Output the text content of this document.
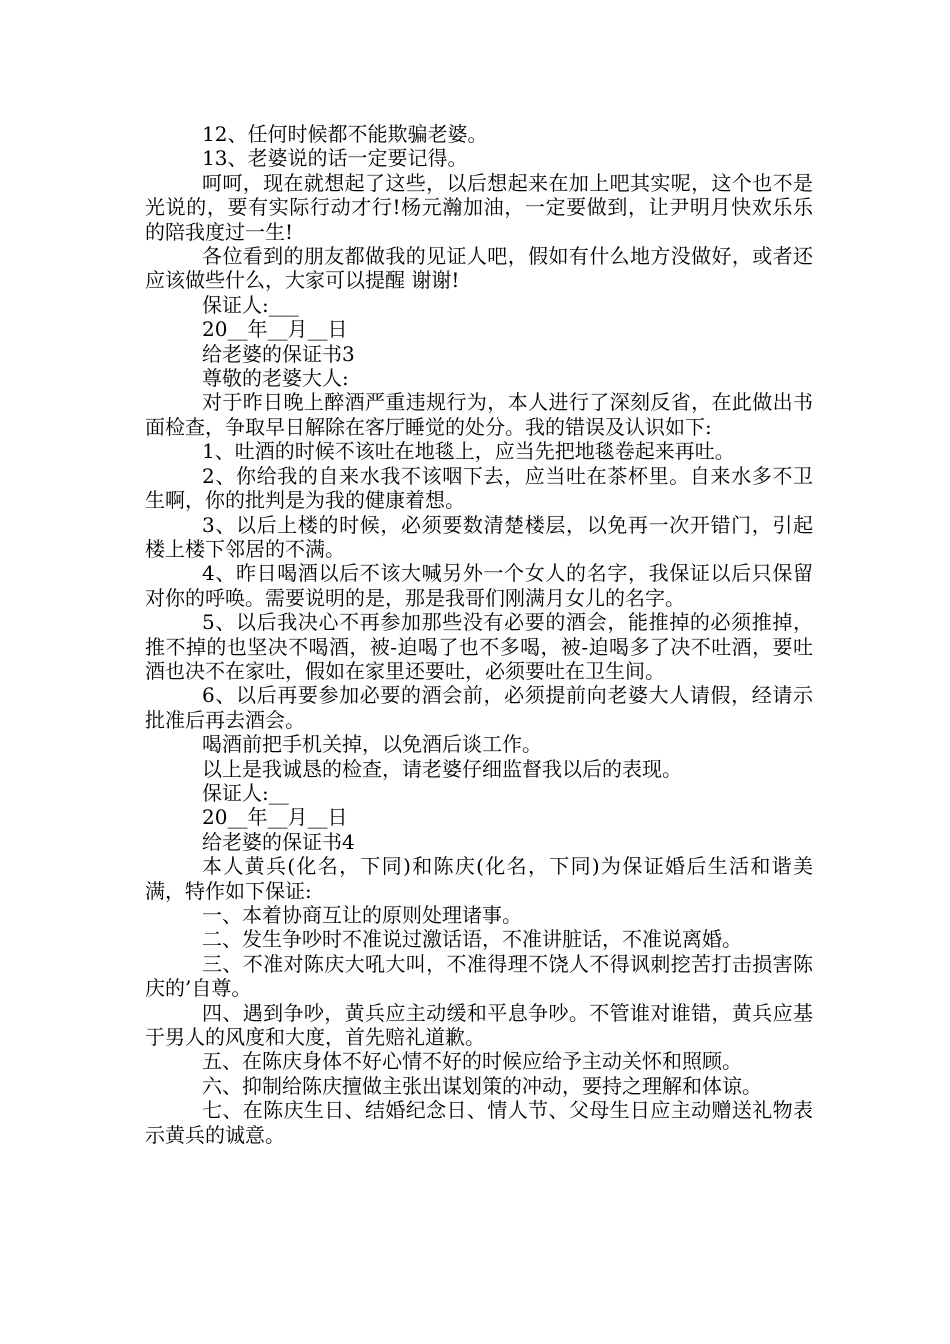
12、任何时候都不能欺骗老婆。

13、老婆说的话一定要记得。

呵呵，现在就想起了这些，以后想起来在加上吧其实呢，这个也不是光说的，要有实际行动才行!杨元瀚加油，一定要做到，让尹明月快欢乐乐的陪我度过一生!

各位看到的朋友都做我的见证人吧，假如有什么地方没做好，或者还应该做些什么，大家可以提醒 谢谢!

保证人:___

20__年__月__日

给老婆的保证书3

尊敬的老婆大人:

对于昨日晚上醉酒严重违规行为，本人进行了深刻反省，在此做出书面检查，争取早日解除在客厅睡觉的处分。我的错误及认识如下:

1、吐酒的时候不该吐在地毯上，应当先把地毯卷起来再吐。

2、你给我的自来水我不该咽下去，应当吐在茶杯里。自来水多不卫生啊，你的批判是为我的健康着想。

3、以后上楼的时候，必须要数清楚楼层，以免再一次开错门，引起楼上楼下邻居的不满。

4、昨日喝酒以后不该大喊另外一个女人的名字，我保证以后只保留对你的呼唤。需要说明的是，那是我哥们刚满月女儿的名字。

5、以后我决心不再参加那些没有必要的酒会，能推掉的必须推掉，推不掉的也坚决不喝酒，被-迫喝了也不多喝，被-迫喝多了决不吐酒，要吐酒也决不在家吐，假如在家里还要吐，必须要吐在卫生间。

6、以后再要参加必要的酒会前，必须提前向老婆大人请假，经请示批准后再去酒会。

喝酒前把手机关掉，以免酒后谈工作。

以上是我诚恳的检查，请老婆仔细监督我以后的表现。

保证人:__

20__年__月__日

给老婆的保证书4

本人黄兵(化名，下同)和陈庆(化名，下同)为保证婚后生活和谐美满，特作如下保证:

一、本着协商互让的原则处理诸事。

二、发生争吵时不准说过激话语，不准讲脏话，不准说离婚。

三、不准对陈庆大吼大叫，不准得理不饶人不得讽刺挖苦打击损害陈庆的’自尊。

四、遇到争吵，黄兵应主动缓和平息争吵。不管谁对谁错，黄兵应基于男人的风度和大度，首先赔礼道歉。

五、在陈庆身体不好心情不好的时候应给予主动关怀和照顾。

六、抑制给陈庆擅做主张出谋划策的冲动，要持之理解和体谅。

七、在陈庆生日、结婚纪念日、情人节、父母生日应主动赠送礼物表示黄兵的诚意。
